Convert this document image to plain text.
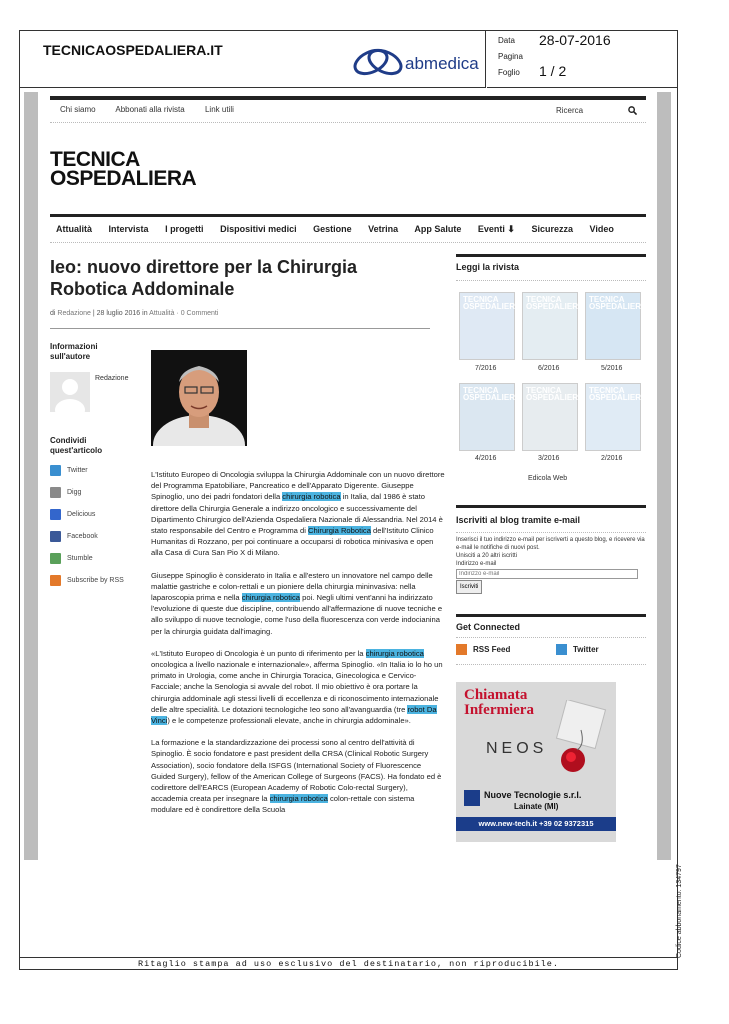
TECNICAOSPEDALIERA.IT
abmedica
Data 28-07-2016
Pagina
Foglio 1 / 2
Chi siamo Abbonati alla rivista	Link utili	Ricerca
TECNICA
OSPEDALIERA
Attualità Intervista I progetti Dispositivi medici Gestione Vetrina App Salute Eventi ⬇ Sicurezza Video
Ieo: nuovo direttore per la Chirurgia Robotica Addominale
di Redazione | 28 luglio 2016 in Attualità · 0 Commenti
Informazioni sull'autore
Redazione
Condividi quest'articolo
Twitter
Digg
Delicious
Facebook
Stumble
Subscribe by RSS

L'Istituto Europeo di Oncologia sviluppa la Chirurgia Addominale con un nuovo direttore del Programma Epatobiliare, Pancreatico e dell'Apparato Digerente. Giuseppe Spinoglio, uno dei padri fondatori della chirurgia robotica in Italia, dal 1986 è stato direttore della Chirurgia Generale a indirizzo oncologico e successivamente del Dipartimento Chirurgico dell'Azienda Ospedaliera Nazionale di Alessandria. Nel 2014 è stato responsabile del Centro e Programma di Chirurgia Robotica dell'Istituto Clinico Humanitas di Rozzano, per poi continuare a occuparsi di robotica minivasiva e open alla Casa di Cura San Pio X di Milano.

Giuseppe Spinoglio è considerato in Italia e all'estero un innovatore nel campo delle malattie gastriche e colon-rettali e un pioniere della chirurgia mininvasiva: nella laparoscopia prima e nella chirurgia robotica poi. Negli ultimi vent'anni ha indirizzato l'evoluzione di queste due discipline, contribuendo all'affermazione di nuove tecniche e allo sviluppo di nuove tecnologie, come l'uso della fluorescenza con verde indocianina per la chirurgia guidata dall'imaging.

«L'Istituto Europeo di Oncologia è un punto di riferimento per la chirurgia robotica oncologica a livello nazionale e internazionale», afferma Spinoglio. «In Italia io lo ho un primato in Urologia, come anche in Chirurgia Toracica, Ginecologica e Cervico-Facciale; anche la Senologia si avvale del robot. Il mio obiettivo è ora portare la chirurgia addominale agli stessi livelli di eccellenza e di riconoscimento internazionale delle altre specialità. Le dotazioni tecnologiche Ieo sono all'avanguardia (tre robot Da Vinci) e le competenze professionali elevate, anche in chirurgia addominale».

La formazione e la standardizzazione dei processi sono al centro dell'attività di Spinoglio. È socio fondatore e past president della CRSA (Clinical Robotic Surgery Association), socio fondatore della ISFGS (International Society of Fluorescence Guided Surgery), fellow of the American College of Surgeons (FACS). Ha fondato ed è codirettore dell'EARCS (European Academy of Robotic Colo-rectal Surgery), accademia creata per insegnare la chirurgia robotica colon-rettale con sistema modulare ed è condirettore della Scuola

Leggi la rivista
TECNICA OSPEDALIERA
TECNICA OSPEDALIERA
TECNICA OSPEDALIERA
7/2016	6/2016	5/2016
TECNICA OSPEDALIERA
TECNICA OSPEDALIERA
TECNICA OSPEDALIERA
4/2016	3/2016	2/2016
Edicola Web
Iscriviti al blog tramite e-mail
Inserisci il tuo indirizzo e-mail per iscriverti a questo blog, e ricevere via e-mail le notifiche di nuovi post.
Unisciti a 20 altri iscritti
Indirizzo e-mail
Indirizzo e-mail
Iscriviti
Get Connected
RSS Feed	Twitter
Chiamata
Infermiera
NEOS
Nuove Tecnologie s.r.l.
Lainate (MI)
www.new-tech.it +39 02 9372315
Ritaglio stampa ad uso esclusivo del destinatario, non riproducibile.
Codice abbonamento: 134797
